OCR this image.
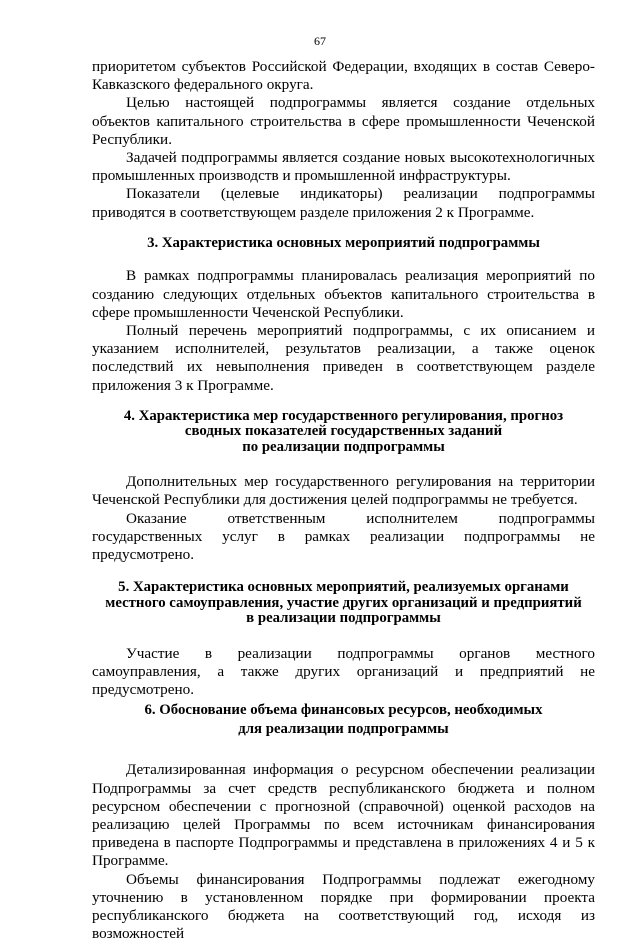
67

приоритетом субъектов Российской Федерации, входящих в состав Северо-Кавказского федерального округа.

Целью настоящей подпрограммы является создание отдельных объектов капитального строительства в сфере промышленности Чеченской Республики.

Задачей подпрограммы является создание новых высокотехнологичных промышленных производств и промышленной инфраструктуры.

Показатели (целевые индикаторы) реализации подпрограммы приводятся в соответствующем разделе приложения 2 к Программе.

3. Характеристика основных мероприятий подпрограммы

В рамках подпрограммы планировалась реализация мероприятий по созданию следующих отдельных объектов капитального строительства в сфере промышленности Чеченской Республики.

Полный перечень мероприятий подпрограммы, с их описанием и указанием исполнителей, результатов реализации, а также оценок последствий их невыполнения приведен в соответствующем разделе приложения 3 к Программе.

4. Характеристика мер государственного регулирования, прогноз
сводных показателей государственных заданий
по реализации подпрограммы

Дополнительных мер государственного регулирования на территории Чеченской Республики для достижения целей подпрограммы не требуется.

Оказание ответственным исполнителем подпрограммы государственных услуг в рамках реализации подпрограммы не предусмотрено.

5. Характеристика основных мероприятий, реализуемых органами
местного самоуправления, участие других организаций и предприятий
в реализации подпрограммы

Участие в реализации подпрограммы органов местного самоуправления, а также других организаций и предприятий не предусмотрено.

6. Обоснование объема финансовых ресурсов, необходимых
для реализации подпрограммы

Детализированная информация о ресурсном обеспечении реализации Подпрограммы за счет средств республиканского бюджета и полном ресурсном обеспечении с прогнозной (справочной) оценкой расходов на реализацию целей Программы по всем источникам финансирования приведена в паспорте Подпрограммы и представлена в приложениях 4 и 5 к Программе.

Объемы финансирования Подпрограммы подлежат ежегодному уточнению в установленном порядке при формировании проекта республиканского бюджета на соответствующий год, исходя из возможностей
